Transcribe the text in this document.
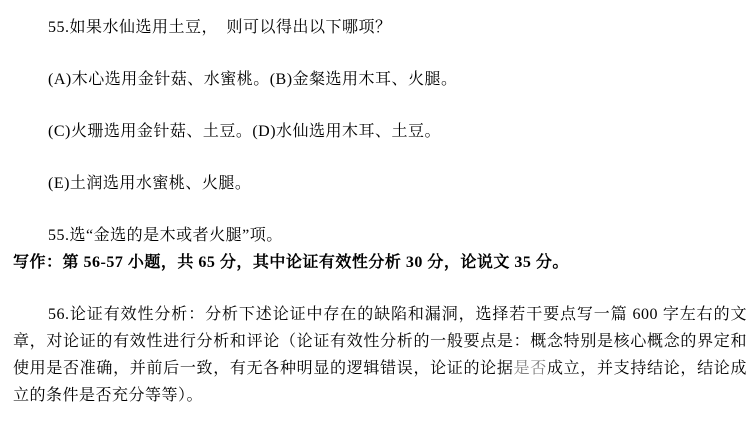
55.如果水仙选用土豆，　则可以得出以下哪项？

(A)木心选用金针菇、水蜜桃。(B)金粲选用木耳、火腿。

(C)火珊选用金针菇、土豆。(D)水仙选用木耳、土豆。

(E)土润选用水蜜桃、火腿。

55.选“金选的是木或者火腿”项。

写作：第 56-57 小题，共 65 分，其中论证有效性分析 30 分，论说文 35 分。

56.论证有效性分析：分析下述论证中存在的缺陷和漏洞，选择若干要点写一篇 600 字左右的文章，对论证的有效性进行分析和评论（论证有效性分析的一般要点是：概念特别是核心概念的界定和使用是否准确，并前后一致，有无各种明显的逻辑错误，论证的论据是否成立，并支持结论，结论成立的条件是否充分等等）。
